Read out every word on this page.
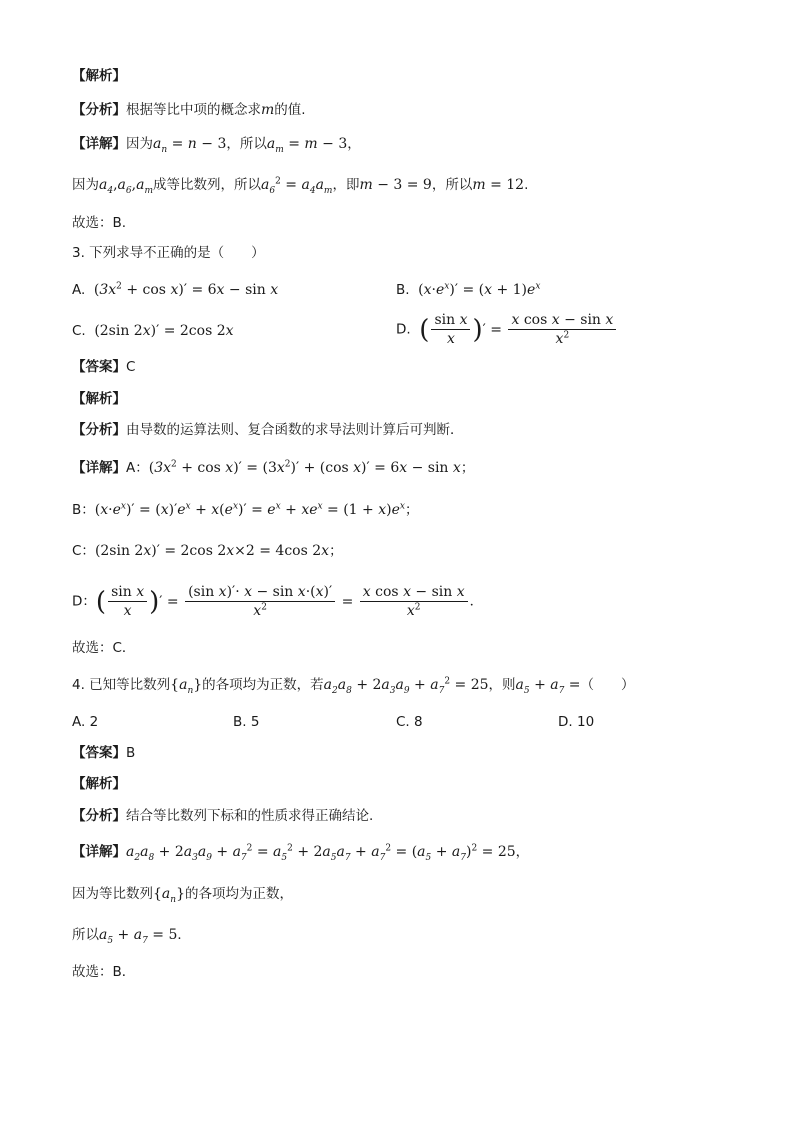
【解析】
【分析】根据等比中项的概念求m的值.
【详解】因为$a_n = n - 3$，所以$a_m = m - 3$，
因为$a_4,a_6,a_m$成等比数列，所以$a_6^2 = a_4a_m$，即m − 3 = 9，所以m = 12.
故选：B.
3. 下列求导不正确的是（　　）
A. $(3x^2 + \cos x)' = 6x - \sin x$	B. $(x\cdot e^x)' = (x + 1)e^x$
C. (2sin 2x)′ = 2cos 2x	D. ( $\frac{\text{sin x}}{x}$ )′ = $\frac{\text{x cos x − sin x}}{x^2}$
【答案】C
【解析】
【分析】由导数的运算法则、复合函数的求导法则计算后可判断．
【详解】A：$(3x^2 + \cos x)' = (3x^2)' + (\cos$ x)′ = 6x − sin x；
B：$(x\cdot e^x)' = (x)'e^x + x(e^x)' = e^x + xe^x = (1 + x)e^x$；
C：(2sin 2x)′ = 2cos 2x×2 = 4cos 2x；
D：( $\frac{\text{sin x}}{x}$ )′ = $\frac{\text{(sin x)′· x − sin x·(x)′}}{x^2} = \frac{\text{x cos x − sin x}}{x^2}$ ．
故选：C．
4. 已知等比数列$\{a_n\}$的各项均为正数，若$a_2a_8 + 2a_3a_9 + a_7^2 = 25$，则$a_5 + a_7$ =（　　）
A. 2	B. 5	C. 8	D. 10
【答案】B
【解析】
【分析】结合等比数列下标和的性质求得正确结论.
【详解】$a_2a_8 + 2a_3a_9 + a_7^2 = a_5^2 + 2a_5a_7 + a_7^2 = (a_5 + a_7)^2 = 25$，
因为等比数列$\{a_n\}$的各项均为正数，
所以$a_5 + a_7 = 5$．
故选：B．
